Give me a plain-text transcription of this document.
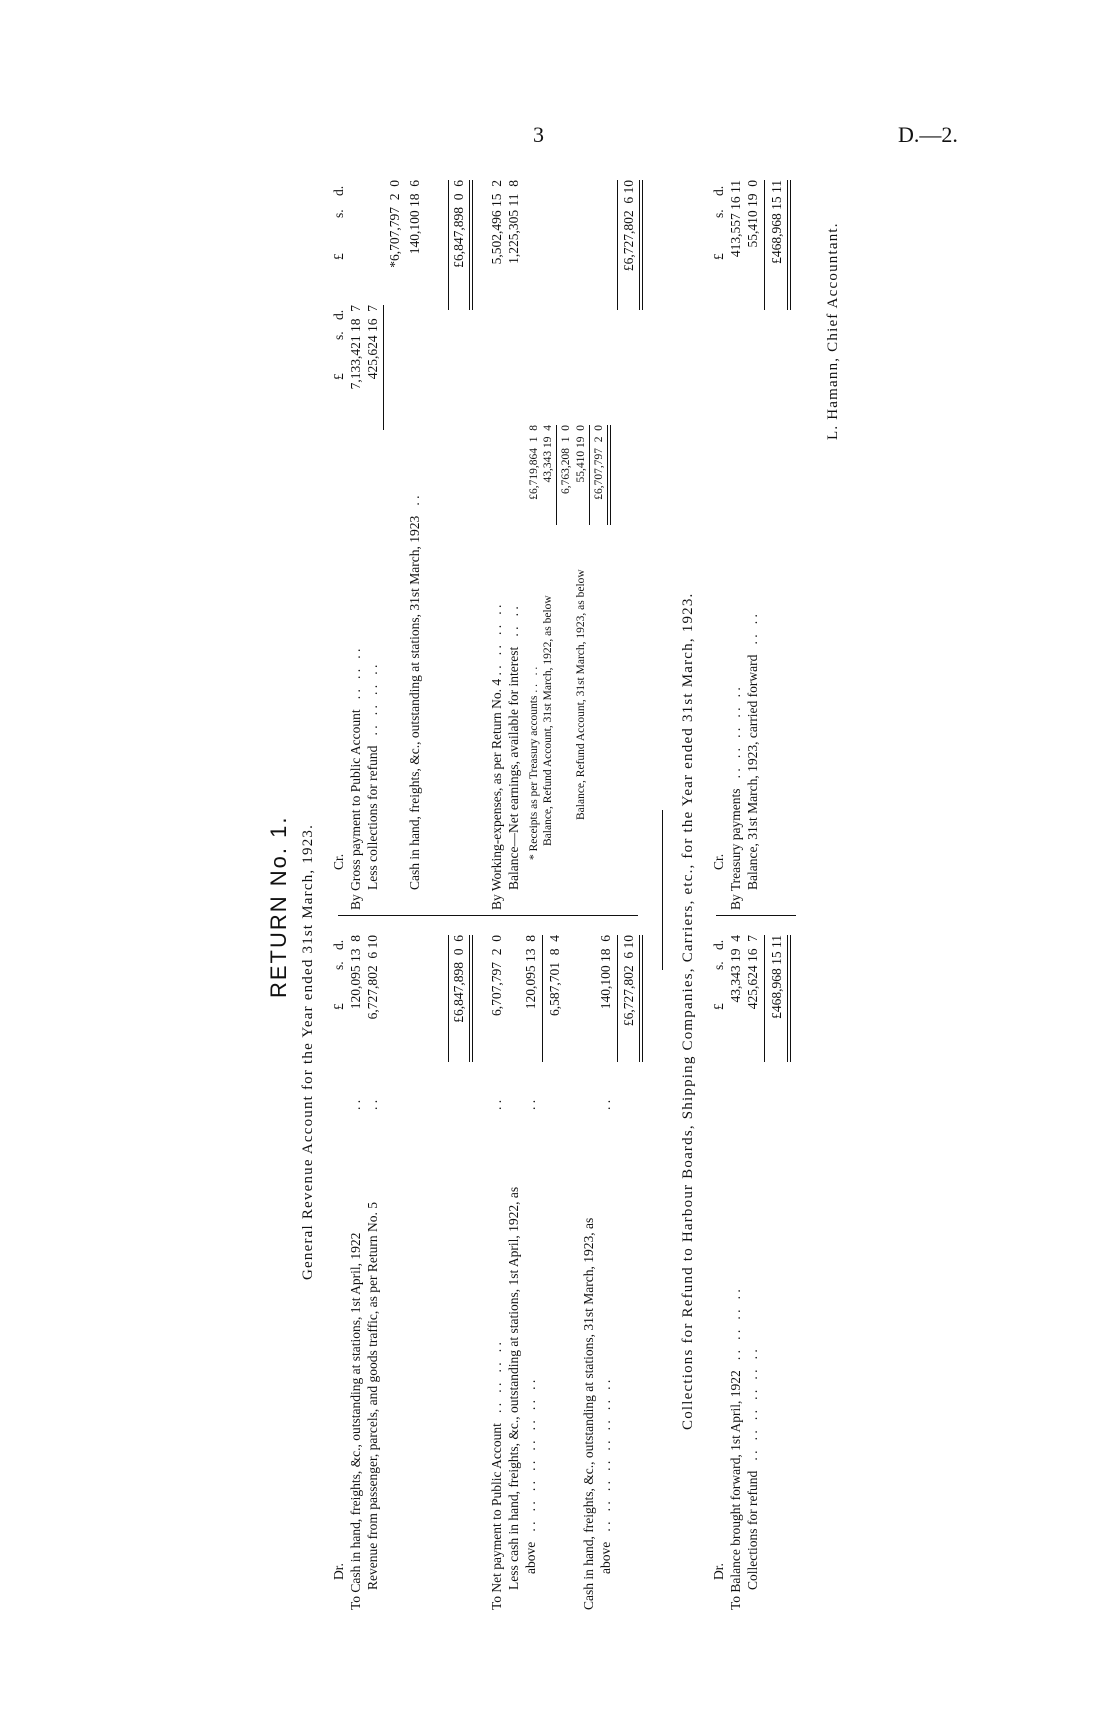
3	D.—2.
RETURN No. 1. General Revenue Account for the Year ended 31st March, 1923.
Dr.
£
s.
d.
To Cash in hand, freights, &c., outstanding at stations, 1st April, 1922
. .
120,095 13  8
Revenue from passenger, parcels, and goods traffic, as per Return No. 5
. .
6,727,802  6 10	£6,847,898  0  6
To Net payment to Public Account   . .   . .   . .   . .
. .
6,707,797  2  0
Less cash in hand, freights, &c., outstanding at stations, 1st April, 1922, as above   . .   . .   . .   . .   . .   . .   . .   . .
. .
120,095 13  8 6,587,701  8  4
Cash in hand, freights, &c., outstanding at stations, 31st March, 1923, as above   . .   . .   . .   . .   . .   . .   . .   . .
. .
140,100 18  6 £6,727,802  6 10
Cr.
£
s.
d.
£
s.
d.
By Gross payment to Public Account   . .   . .   . .
7,133,421 18  7
Less collections for refund   . .   . .   . .   . .
425,624 16  7
*6,707,797  2  0
Cash in hand, freights, &c., outstanding at stations, 31st March, 1923   . .
140,100 18  6 £6,847,898  0  6
By Working-expenses, as per Return No. 4 . .   . .   . .   . .
5,502,496 15  2
Balance—Net earnings, available for interest   . .   . .
1,225,305 11  8
* Receipts as per Treasury accounts . .   . .
£6,719,864  1  8
Balance, Refund Account, 31st March, 1922, as below
43,343 19  4 6,763,208  1  0
Balance, Refund Account, 31st March, 1923, as below
55,410 19  0 £6,707,797  2  0
£6,727,802  6 10
Collections for Refund to Harbour Boards, Shipping Companies, Carriers, etc., for the Year ended 31st March, 1923.
Dr.
£
s.
d.
To Balance brought forward, 1st April, 1922   . .   . .   . .   . .
43,343 19  4
Collections for refund   . .   . .   . .   . .   . .   . .
425,624 16  7 £468,968 15 11
Cr.
£
s.
d.
By Treasury payments   . .   . .   . .   . .   . .
413,557 16 11
Balance, 31st March, 1923, carried forward   . .   . .
55,410 19  0 £468,968 15 11
L. Hamann, Chief Accountant.
